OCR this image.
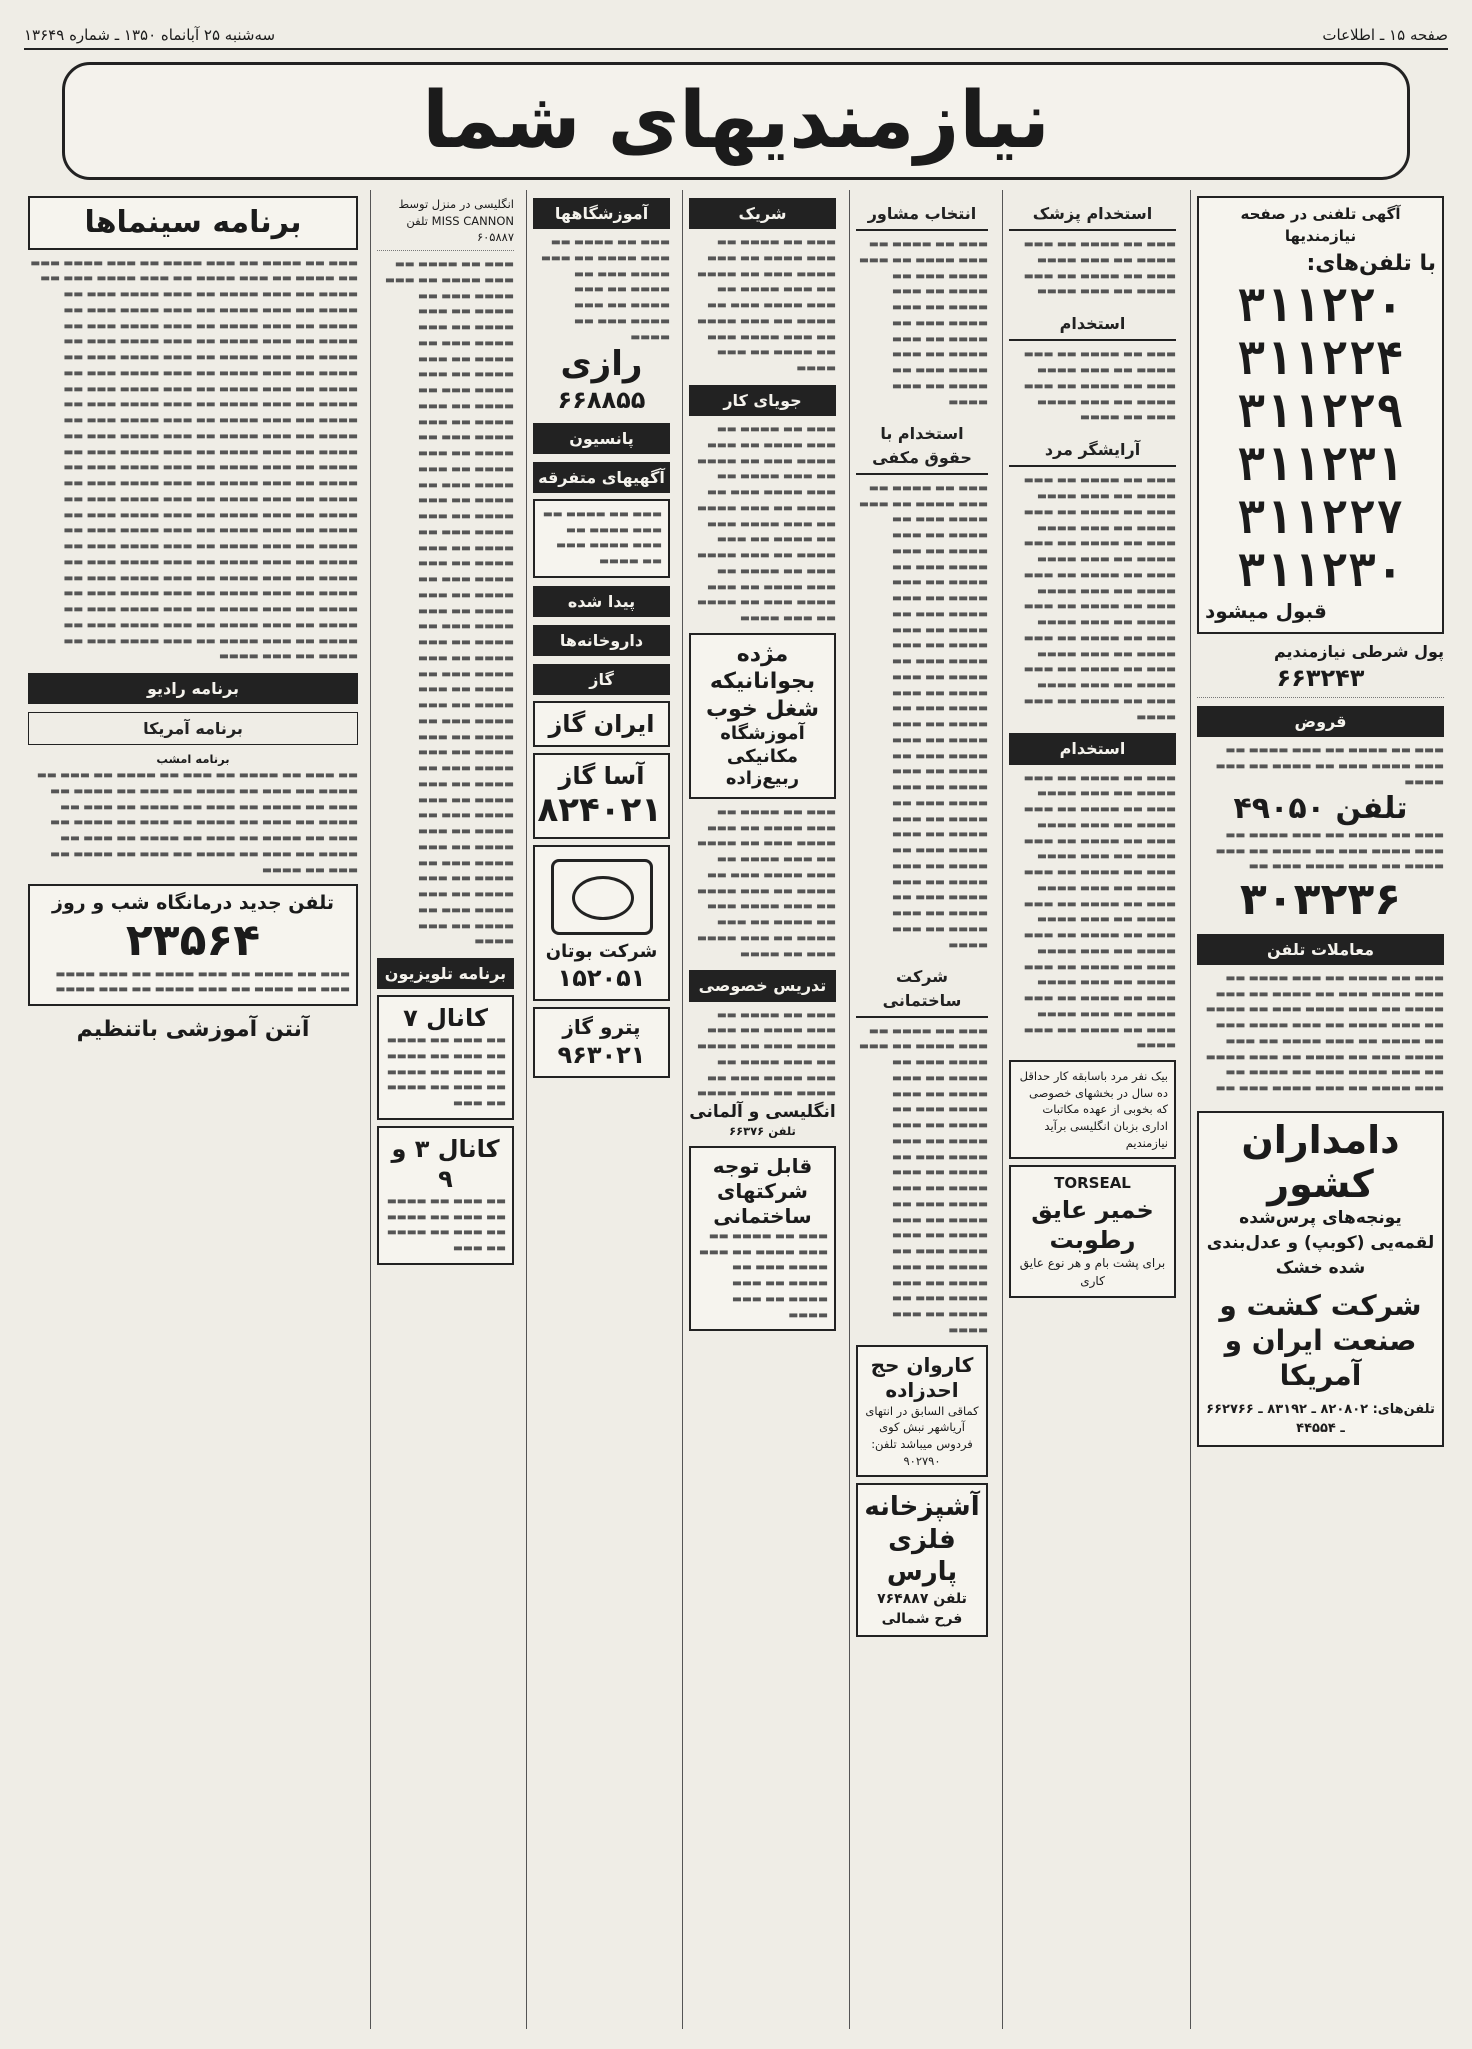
صفحه ۱۵ ـ اطلاعات
سه‌شنبه ۲۵ آبانماه ۱۳۵۰ ـ شماره ۱۳۶۴۹
نیازمندیهای شما
آگهی تلفنی در صفحه نیازمندیها
با تلفن‌های:
۳۱۱۲۲۰
۳۱۱۲۲۴
۳۱۱۲۲۹
۳۱۱۲۳۱
۳۱۱۲۲۷
۳۱۱۲۳۰
قبول میشود
پول شرطی نیازمندیم
۶۶۳۲۴۳
قروض
▬▬▬ ▬▬ ▬▬▬▬ ▬▬ ▬▬▬ ▬▬▬▬ ▬▬ ▬▬▬ ▬▬▬▬ ▬▬▬ ▬▬ ▬▬▬▬ ▬▬ ▬▬▬ ▬▬▬▬
تلفن ۴۹۰۵۰
▬▬▬ ▬▬ ▬▬▬▬ ▬▬ ▬▬▬ ▬▬▬▬ ▬▬ ▬▬▬ ▬▬▬▬ ▬▬▬ ▬▬ ▬▬▬▬ ▬▬ ▬▬▬ ▬▬▬▬ ▬▬ ▬▬▬ ▬▬▬▬ ▬▬▬ ▬▬
۳۰۳۲۳۶
معاملات تلفن
▬▬▬ ▬▬ ▬▬▬▬ ▬▬ ▬▬▬ ▬▬▬▬ ▬▬ ▬▬▬ ▬▬▬▬ ▬▬▬ ▬▬ ▬▬▬▬ ▬▬ ▬▬▬ ▬▬▬▬ ▬▬ ▬▬▬ ▬▬▬▬ ▬▬▬ ▬▬ ▬▬▬▬ ▬▬ ▬▬▬ ▬▬▬▬ ▬▬ ▬▬▬ ▬▬▬▬ ▬▬▬ ▬▬ ▬▬▬▬ ▬▬ ▬▬▬ ▬▬▬▬ ▬▬ ▬▬▬ ▬▬▬▬ ▬▬▬ ▬▬ ▬▬▬▬ ▬▬ ▬▬▬ ▬▬▬▬ ▬▬ ▬▬▬ ▬▬▬▬ ▬▬▬ ▬▬ ▬▬▬▬ ▬▬ ▬▬▬ ▬▬▬▬ ▬▬ ▬▬▬ ▬▬▬▬ ▬▬▬ ▬▬
دامداران کشور
یونجه‌های پرس‌شده لقمه‌یی (کوبپ) و عدل‌بندی شده خشک
شرکت کشت و صنعت ایران و آمریکا
تلفن‌های: ۸۲۰۸۰۲ ـ ۸۳۱۹۲ ـ ۶۶۲۷۶۶ ـ ۴۴۵۵۴
استخدام پزشک
▬▬▬ ▬▬ ▬▬▬▬ ▬▬ ▬▬▬ ▬▬▬▬ ▬▬ ▬▬▬ ▬▬▬▬ ▬▬▬ ▬▬ ▬▬▬▬ ▬▬ ▬▬▬ ▬▬▬▬ ▬▬ ▬▬▬ ▬▬▬▬
استخدام
▬▬▬ ▬▬ ▬▬▬▬ ▬▬ ▬▬▬ ▬▬▬▬ ▬▬ ▬▬▬ ▬▬▬▬ ▬▬▬ ▬▬ ▬▬▬▬ ▬▬ ▬▬▬ ▬▬▬▬ ▬▬ ▬▬▬ ▬▬▬▬ ▬▬▬ ▬▬ ▬▬▬▬
آرایشگر مرد
▬▬▬ ▬▬ ▬▬▬▬ ▬▬ ▬▬▬ ▬▬▬▬ ▬▬ ▬▬▬ ▬▬▬▬ ▬▬▬ ▬▬ ▬▬▬▬ ▬▬ ▬▬▬ ▬▬▬▬ ▬▬ ▬▬▬ ▬▬▬▬ ▬▬▬ ▬▬ ▬▬▬▬ ▬▬ ▬▬▬ ▬▬▬▬ ▬▬ ▬▬▬ ▬▬▬▬ ▬▬▬ ▬▬ ▬▬▬▬ ▬▬ ▬▬▬ ▬▬▬▬ ▬▬ ▬▬▬ ▬▬▬▬ ▬▬▬ ▬▬ ▬▬▬▬ ▬▬ ▬▬▬ ▬▬▬▬ ▬▬ ▬▬▬ ▬▬▬▬ ▬▬▬ ▬▬ ▬▬▬▬ ▬▬ ▬▬▬ ▬▬▬▬ ▬▬ ▬▬▬ ▬▬▬▬ ▬▬▬ ▬▬ ▬▬▬▬ ▬▬ ▬▬▬ ▬▬▬▬ ▬▬ ▬▬▬ ▬▬▬▬ ▬▬▬ ▬▬ ▬▬▬▬ ▬▬ ▬▬▬ ▬▬▬▬
استخدام
▬▬▬ ▬▬ ▬▬▬▬ ▬▬ ▬▬▬ ▬▬▬▬ ▬▬ ▬▬▬ ▬▬▬▬ ▬▬▬ ▬▬ ▬▬▬▬ ▬▬ ▬▬▬ ▬▬▬▬ ▬▬ ▬▬▬ ▬▬▬▬ ▬▬▬ ▬▬ ▬▬▬▬ ▬▬ ▬▬▬ ▬▬▬▬ ▬▬ ▬▬▬ ▬▬▬▬ ▬▬▬ ▬▬ ▬▬▬▬ ▬▬ ▬▬▬ ▬▬▬▬ ▬▬ ▬▬▬ ▬▬▬▬ ▬▬▬ ▬▬ ▬▬▬▬ ▬▬ ▬▬▬ ▬▬▬▬ ▬▬ ▬▬▬ ▬▬▬▬ ▬▬▬ ▬▬ ▬▬▬▬ ▬▬ ▬▬▬ ▬▬▬▬ ▬▬ ▬▬▬ ▬▬▬▬ ▬▬▬ ▬▬ ▬▬▬▬ ▬▬ ▬▬▬ ▬▬▬▬ ▬▬ ▬▬▬ ▬▬▬▬ ▬▬▬ ▬▬ ▬▬▬▬ ▬▬ ▬▬▬ ▬▬▬▬ ▬▬ ▬▬▬ ▬▬▬▬ ▬▬▬ ▬▬ ▬▬▬▬ ▬▬ ▬▬▬ ▬▬▬▬
بیک نفر مرد باسابقه کار حداقل ده سال در بخشهای خصوصی که بخوبی از عهده مکاتبات اداری بزبان انگلیسی برآید نیازمندیم
TORSEAL
خمیر عایق رطوبت
برای پشت بام و هر نوع عایق کاری
انتخاب مشاور
▬▬▬ ▬▬ ▬▬▬▬ ▬▬ ▬▬▬ ▬▬▬▬ ▬▬ ▬▬▬ ▬▬▬▬ ▬▬▬ ▬▬ ▬▬▬▬ ▬▬ ▬▬▬ ▬▬▬▬ ▬▬ ▬▬▬ ▬▬▬▬ ▬▬▬ ▬▬ ▬▬▬▬ ▬▬ ▬▬▬ ▬▬▬▬ ▬▬ ▬▬▬ ▬▬▬▬ ▬▬▬ ▬▬ ▬▬▬▬ ▬▬ ▬▬▬ ▬▬▬▬
استخدام با حقوق مکفی
▬▬▬ ▬▬ ▬▬▬▬ ▬▬ ▬▬▬ ▬▬▬▬ ▬▬ ▬▬▬ ▬▬▬▬ ▬▬▬ ▬▬ ▬▬▬▬ ▬▬ ▬▬▬ ▬▬▬▬ ▬▬ ▬▬▬ ▬▬▬▬ ▬▬▬ ▬▬ ▬▬▬▬ ▬▬ ▬▬▬ ▬▬▬▬ ▬▬ ▬▬▬ ▬▬▬▬ ▬▬▬ ▬▬ ▬▬▬▬ ▬▬ ▬▬▬ ▬▬▬▬ ▬▬ ▬▬▬ ▬▬▬▬ ▬▬▬ ▬▬ ▬▬▬▬ ▬▬ ▬▬▬ ▬▬▬▬ ▬▬ ▬▬▬ ▬▬▬▬ ▬▬▬ ▬▬ ▬▬▬▬ ▬▬ ▬▬▬ ▬▬▬▬ ▬▬ ▬▬▬ ▬▬▬▬ ▬▬▬ ▬▬ ▬▬▬▬ ▬▬ ▬▬▬ ▬▬▬▬ ▬▬ ▬▬▬ ▬▬▬▬ ▬▬▬ ▬▬ ▬▬▬▬ ▬▬ ▬▬▬ ▬▬▬▬ ▬▬ ▬▬▬ ▬▬▬▬ ▬▬▬ ▬▬ ▬▬▬▬ ▬▬ ▬▬▬ ▬▬▬▬ ▬▬ ▬▬▬ ▬▬▬▬ ▬▬▬ ▬▬ ▬▬▬▬ ▬▬ ▬▬▬ ▬▬▬▬ ▬▬ ▬▬▬ ▬▬▬▬
شرکت ساختمانی
▬▬▬ ▬▬ ▬▬▬▬ ▬▬ ▬▬▬ ▬▬▬▬ ▬▬ ▬▬▬ ▬▬▬▬ ▬▬▬ ▬▬ ▬▬▬▬ ▬▬ ▬▬▬ ▬▬▬▬ ▬▬ ▬▬▬ ▬▬▬▬ ▬▬▬ ▬▬ ▬▬▬▬ ▬▬ ▬▬▬ ▬▬▬▬ ▬▬ ▬▬▬ ▬▬▬▬ ▬▬▬ ▬▬ ▬▬▬▬ ▬▬ ▬▬▬ ▬▬▬▬ ▬▬ ▬▬▬ ▬▬▬▬ ▬▬▬ ▬▬ ▬▬▬▬ ▬▬ ▬▬▬ ▬▬▬▬ ▬▬ ▬▬▬ ▬▬▬▬ ▬▬▬ ▬▬ ▬▬▬▬ ▬▬ ▬▬▬ ▬▬▬▬ ▬▬ ▬▬▬ ▬▬▬▬ ▬▬▬ ▬▬ ▬▬▬▬ ▬▬ ▬▬▬ ▬▬▬▬
کاروان حج احدزاده
کماقی السابق در انتهای آریاشهر نبش کوی فردوس میباشد تلفن: ۹۰۲۷۹۰
آشپزخانه فلزی پارس
تلفن ۷۶۴۸۸۷ فرح شمالی
شریک
▬▬▬ ▬▬ ▬▬▬▬ ▬▬ ▬▬▬ ▬▬▬▬ ▬▬ ▬▬▬ ▬▬▬▬ ▬▬▬ ▬▬ ▬▬▬▬ ▬▬ ▬▬▬ ▬▬▬▬ ▬▬ ▬▬▬ ▬▬▬▬ ▬▬▬ ▬▬ ▬▬▬▬ ▬▬ ▬▬▬ ▬▬▬▬ ▬▬ ▬▬▬ ▬▬▬▬ ▬▬▬ ▬▬ ▬▬▬▬ ▬▬ ▬▬▬ ▬▬▬▬
جویای کار
▬▬▬ ▬▬ ▬▬▬▬ ▬▬ ▬▬▬ ▬▬▬▬ ▬▬ ▬▬▬ ▬▬▬▬ ▬▬▬ ▬▬ ▬▬▬▬ ▬▬ ▬▬▬ ▬▬▬▬ ▬▬ ▬▬▬ ▬▬▬▬ ▬▬▬ ▬▬ ▬▬▬▬ ▬▬ ▬▬▬ ▬▬▬▬ ▬▬ ▬▬▬ ▬▬▬▬ ▬▬▬ ▬▬ ▬▬▬▬ ▬▬ ▬▬▬ ▬▬▬▬ ▬▬ ▬▬▬ ▬▬▬▬ ▬▬▬ ▬▬ ▬▬▬▬ ▬▬ ▬▬▬ ▬▬▬▬ ▬▬ ▬▬▬ ▬▬▬▬ ▬▬▬ ▬▬ ▬▬▬▬ ▬▬ ▬▬▬ ▬▬▬▬
مژده بجوانانیکه شغل خوب
آموزشگاه مکانیکی ربیع‌زاده
▬▬▬ ▬▬ ▬▬▬▬ ▬▬ ▬▬▬ ▬▬▬▬ ▬▬ ▬▬▬ ▬▬▬▬ ▬▬▬ ▬▬ ▬▬▬▬ ▬▬ ▬▬▬ ▬▬▬▬ ▬▬ ▬▬▬ ▬▬▬▬ ▬▬▬ ▬▬ ▬▬▬▬ ▬▬ ▬▬▬ ▬▬▬▬ ▬▬ ▬▬▬ ▬▬▬▬ ▬▬▬ ▬▬ ▬▬▬▬ ▬▬ ▬▬▬ ▬▬▬▬ ▬▬ ▬▬▬ ▬▬▬▬ ▬▬▬ ▬▬ ▬▬▬▬
تدریس خصوصی
▬▬▬ ▬▬ ▬▬▬▬ ▬▬ ▬▬▬ ▬▬▬▬ ▬▬ ▬▬▬ ▬▬▬▬ ▬▬▬ ▬▬ ▬▬▬▬ ▬▬ ▬▬▬ ▬▬▬▬ ▬▬ ▬▬▬ ▬▬▬▬ ▬▬▬ ▬▬ ▬▬▬▬ ▬▬ ▬▬▬ ▬▬▬▬
انگلیسی و آلمانی
تلفن ۶۶۳۷۶
قابل توجه شرکتهای ساختمانی
▬▬▬ ▬▬ ▬▬▬▬ ▬▬ ▬▬▬ ▬▬▬▬ ▬▬ ▬▬▬ ▬▬▬▬ ▬▬▬ ▬▬ ▬▬▬▬ ▬▬ ▬▬▬ ▬▬▬▬ ▬▬ ▬▬▬ ▬▬▬▬
آموزشگاهها
▬▬▬ ▬▬ ▬▬▬▬ ▬▬ ▬▬▬ ▬▬▬▬ ▬▬ ▬▬▬ ▬▬▬▬ ▬▬▬ ▬▬ ▬▬▬▬ ▬▬ ▬▬▬ ▬▬▬▬ ▬▬ ▬▬▬ ▬▬▬▬ ▬▬▬ ▬▬ ▬▬▬▬
رازی
۶۶۸۸۵۵
پانسیون
آگهیهای متفرقه
▬▬▬ ▬▬ ▬▬▬▬ ▬▬ ▬▬▬ ▬▬▬▬ ▬▬ ▬▬▬ ▬▬▬▬ ▬▬▬ ▬▬ ▬▬▬▬
پیدا شده
داروخانه‌ها
گاز
ایران گاز
آسا گاز
۸۲۴۰۲۱
شرکت بوتان
۱۵۲۰۵۱
پترو گاز
۹۶۳۰۲۱
انگلیسی در منزل توسط MISS CANNON تلفن ۶۰۵۸۸۷
▬▬▬ ▬▬ ▬▬▬▬ ▬▬ ▬▬▬ ▬▬▬▬ ▬▬ ▬▬▬ ▬▬▬▬ ▬▬▬ ▬▬ ▬▬▬▬ ▬▬ ▬▬▬ ▬▬▬▬ ▬▬ ▬▬▬ ▬▬▬▬ ▬▬▬ ▬▬ ▬▬▬▬ ▬▬ ▬▬▬ ▬▬▬▬ ▬▬ ▬▬▬ ▬▬▬▬ ▬▬▬ ▬▬ ▬▬▬▬ ▬▬ ▬▬▬ ▬▬▬▬ ▬▬ ▬▬▬ ▬▬▬▬ ▬▬▬ ▬▬ ▬▬▬▬ ▬▬ ▬▬▬ ▬▬▬▬ ▬▬ ▬▬▬ ▬▬▬▬ ▬▬▬ ▬▬ ▬▬▬▬ ▬▬ ▬▬▬ ▬▬▬▬ ▬▬ ▬▬▬ ▬▬▬▬ ▬▬▬ ▬▬ ▬▬▬▬ ▬▬ ▬▬▬ ▬▬▬▬ ▬▬ ▬▬▬ ▬▬▬▬ ▬▬▬ ▬▬ ▬▬▬▬ ▬▬ ▬▬▬ ▬▬▬▬ ▬▬ ▬▬▬ ▬▬▬▬ ▬▬▬ ▬▬ ▬▬▬▬ ▬▬ ▬▬▬ ▬▬▬▬ ▬▬ ▬▬▬ ▬▬▬▬ ▬▬▬ ▬▬ ▬▬▬▬ ▬▬ ▬▬▬ ▬▬▬▬ ▬▬ ▬▬▬ ▬▬▬▬ ▬▬▬ ▬▬ ▬▬▬▬ ▬▬ ▬▬▬ ▬▬▬▬ ▬▬ ▬▬▬ ▬▬▬▬ ▬▬▬ ▬▬ ▬▬▬▬ ▬▬ ▬▬▬ ▬▬▬▬ ▬▬ ▬▬▬ ▬▬▬▬ ▬▬▬ ▬▬ ▬▬▬▬ ▬▬ ▬▬▬ ▬▬▬▬ ▬▬ ▬▬▬ ▬▬▬▬ ▬▬▬ ▬▬ ▬▬▬▬ ▬▬ ▬▬▬ ▬▬▬▬ ▬▬ ▬▬▬ ▬▬▬▬ ▬▬▬ ▬▬ ▬▬▬▬ ▬▬ ▬▬▬ ▬▬▬▬
برنامه تلویزیون
کانال ۷
▬▬ ▬▬▬ ▬▬ ▬▬▬▬ ▬▬ ▬▬▬ ▬▬ ▬▬▬▬ ▬▬ ▬▬▬ ▬▬ ▬▬▬▬ ▬▬ ▬▬▬ ▬▬ ▬▬▬▬ ▬▬ ▬▬▬
کانال ۳ و ۹
▬▬ ▬▬▬ ▬▬ ▬▬▬▬ ▬▬ ▬▬▬ ▬▬ ▬▬▬▬ ▬▬ ▬▬▬ ▬▬ ▬▬▬▬ ▬▬ ▬▬▬
برنامه سینماها
▬▬▬ ▬▬ ▬▬▬▬ ▬▬ ▬▬▬ ▬▬▬▬ ▬▬ ▬▬▬ ▬▬▬▬ ▬▬▬ ▬▬ ▬▬▬▬ ▬▬ ▬▬▬ ▬▬▬▬ ▬▬ ▬▬▬ ▬▬▬▬ ▬▬▬ ▬▬ ▬▬▬▬ ▬▬ ▬▬▬ ▬▬▬▬ ▬▬ ▬▬▬ ▬▬▬▬ ▬▬▬ ▬▬ ▬▬▬▬ ▬▬ ▬▬▬ ▬▬▬▬ ▬▬ ▬▬▬ ▬▬▬▬ ▬▬▬ ▬▬ ▬▬▬▬ ▬▬ ▬▬▬ ▬▬▬▬ ▬▬ ▬▬▬ ▬▬▬▬ ▬▬▬ ▬▬ ▬▬▬▬ ▬▬ ▬▬▬ ▬▬▬▬ ▬▬ ▬▬▬ ▬▬▬▬ ▬▬▬ ▬▬ ▬▬▬▬ ▬▬ ▬▬▬ ▬▬▬▬ ▬▬ ▬▬▬ ▬▬▬▬ ▬▬▬ ▬▬ ▬▬▬▬ ▬▬ ▬▬▬ ▬▬▬▬ ▬▬ ▬▬▬ ▬▬▬▬ ▬▬▬ ▬▬ ▬▬▬▬ ▬▬ ▬▬▬ ▬▬▬▬ ▬▬ ▬▬▬ ▬▬▬▬ ▬▬▬ ▬▬ ▬▬▬▬ ▬▬ ▬▬▬ ▬▬▬▬ ▬▬ ▬▬▬ ▬▬▬▬ ▬▬▬ ▬▬ ▬▬▬▬ ▬▬ ▬▬▬ ▬▬▬▬ ▬▬ ▬▬▬ ▬▬▬▬ ▬▬▬ ▬▬ ▬▬▬▬ ▬▬ ▬▬▬ ▬▬▬▬ ▬▬ ▬▬▬ ▬▬▬▬ ▬▬▬ ▬▬ ▬▬▬▬ ▬▬ ▬▬▬ ▬▬▬▬ ▬▬ ▬▬▬ ▬▬▬▬ ▬▬▬ ▬▬ ▬▬▬▬ ▬▬ ▬▬▬ ▬▬▬▬ ▬▬ ▬▬▬ ▬▬▬▬ ▬▬▬ ▬▬ ▬▬▬▬ ▬▬ ▬▬▬ ▬▬▬▬ ▬▬ ▬▬▬ ▬▬▬▬ ▬▬▬ ▬▬ ▬▬▬▬ ▬▬ ▬▬▬ ▬▬▬▬ ▬▬ ▬▬▬ ▬▬▬▬ ▬▬▬ ▬▬ ▬▬▬▬ ▬▬ ▬▬▬ ▬▬▬▬ ▬▬ ▬▬▬ ▬▬▬▬ ▬▬▬ ▬▬ ▬▬▬▬ ▬▬ ▬▬▬ ▬▬▬▬ ▬▬ ▬▬▬ ▬▬▬▬ ▬▬▬ ▬▬ ▬▬▬▬ ▬▬ ▬▬▬ ▬▬▬▬ ▬▬ ▬▬▬ ▬▬▬▬ ▬▬▬ ▬▬ ▬▬▬▬ ▬▬ ▬▬▬ ▬▬▬▬ ▬▬ ▬▬▬ ▬▬▬▬ ▬▬▬ ▬▬ ▬▬▬▬ ▬▬ ▬▬▬ ▬▬▬▬ ▬▬ ▬▬▬ ▬▬▬▬ ▬▬▬ ▬▬ ▬▬▬▬ ▬▬ ▬▬▬ ▬▬▬▬ ▬▬ ▬▬▬ ▬▬▬▬ ▬▬▬ ▬▬ ▬▬▬▬ ▬▬ ▬▬▬ ▬▬▬▬ ▬▬ ▬▬▬ ▬▬▬▬ ▬▬▬ ▬▬ ▬▬▬▬ ▬▬ ▬▬▬ ▬▬▬▬ ▬▬ ▬▬▬ ▬▬▬▬ ▬▬▬ ▬▬ ▬▬▬▬ ▬▬ ▬▬▬ ▬▬▬▬ ▬▬ ▬▬▬ ▬▬▬▬ ▬▬▬ ▬▬ ▬▬▬▬ ▬▬ ▬▬▬ ▬▬▬▬
برنامه رادیو
برنامه آمریکا
برنامه امشب
▬▬ ▬▬▬ ▬▬ ▬▬▬▬ ▬▬ ▬▬▬ ▬▬ ▬▬▬▬ ▬▬ ▬▬▬ ▬▬ ▬▬▬▬ ▬▬ ▬▬▬ ▬▬ ▬▬▬▬ ▬▬ ▬▬▬ ▬▬ ▬▬▬▬ ▬▬ ▬▬▬ ▬▬ ▬▬▬▬ ▬▬ ▬▬▬ ▬▬ ▬▬▬▬ ▬▬ ▬▬▬ ▬▬ ▬▬▬▬ ▬▬ ▬▬▬ ▬▬ ▬▬▬▬ ▬▬ ▬▬▬ ▬▬ ▬▬▬▬ ▬▬ ▬▬▬ ▬▬ ▬▬▬▬ ▬▬ ▬▬▬ ▬▬ ▬▬▬▬ ▬▬ ▬▬▬ ▬▬ ▬▬▬▬ ▬▬ ▬▬▬ ▬▬ ▬▬▬▬ ▬▬ ▬▬▬ ▬▬ ▬▬▬▬ ▬▬ ▬▬▬ ▬▬ ▬▬▬▬
تلفن جدید درمانگاه شب و روز
۲۳۵۶۴
▬▬▬ ▬▬ ▬▬▬▬ ▬▬ ▬▬▬ ▬▬▬▬ ▬▬ ▬▬▬ ▬▬▬▬ ▬▬▬ ▬▬ ▬▬▬▬ ▬▬ ▬▬▬ ▬▬▬▬ ▬▬ ▬▬▬ ▬▬▬▬
آنتن آموزشی باتنظیم
